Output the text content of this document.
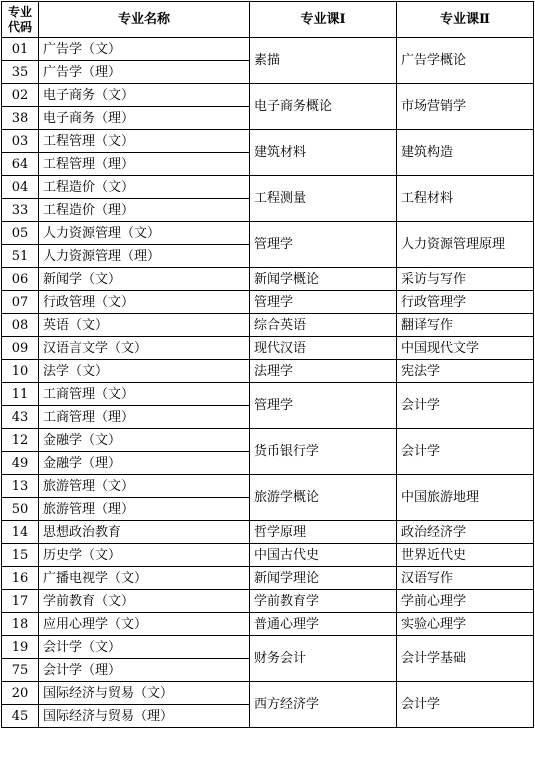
专业
代码	专业名称	专业课Ⅰ	专业课Ⅱ
01	广告学（文）	素描	广告学概论
35	广告学（理）		
02	电子商务（文）	电子商务概论	市场营销学
38	电子商务（理）		
03	工程管理（文）	建筑材料	建筑构造
64	工程管理（理）		
04	工程造价（文）	工程测量	工程材料
33	工程造价（理）		
05	人力资源管理（文）	管理学	人力资源管理原理
51	人力资源管理（理）		
06	新闻学（文）	新闻学概论	采访与写作
07	行政管理（文）	管理学	行政管理学
08	英语（文）	综合英语	翻译写作
09	汉语言文学（文）	现代汉语	中国现代文学
10	法学（文）	法理学	宪法学
11	工商管理（文）	管理学	会计学
43	工商管理（理）		
12	金融学（文）	货币银行学	会计学
49	金融学（理）		
13	旅游管理（文）	旅游学概论	中国旅游地理
50	旅游管理（理）		
14	思想政治教育	哲学原理	政治经济学
15	历史学（文）	中国古代史	世界近代史
16	广播电视学（文）	新闻学理论	汉语写作
17	学前教育（文）	学前教育学	学前心理学
18	应用心理学（文）	普通心理学	实验心理学
19	会计学（文）	财务会计	会计学基础
75	会计学（理）		
20	国际经济与贸易（文）	西方经济学	会计学
45	国际经济与贸易（理）		
